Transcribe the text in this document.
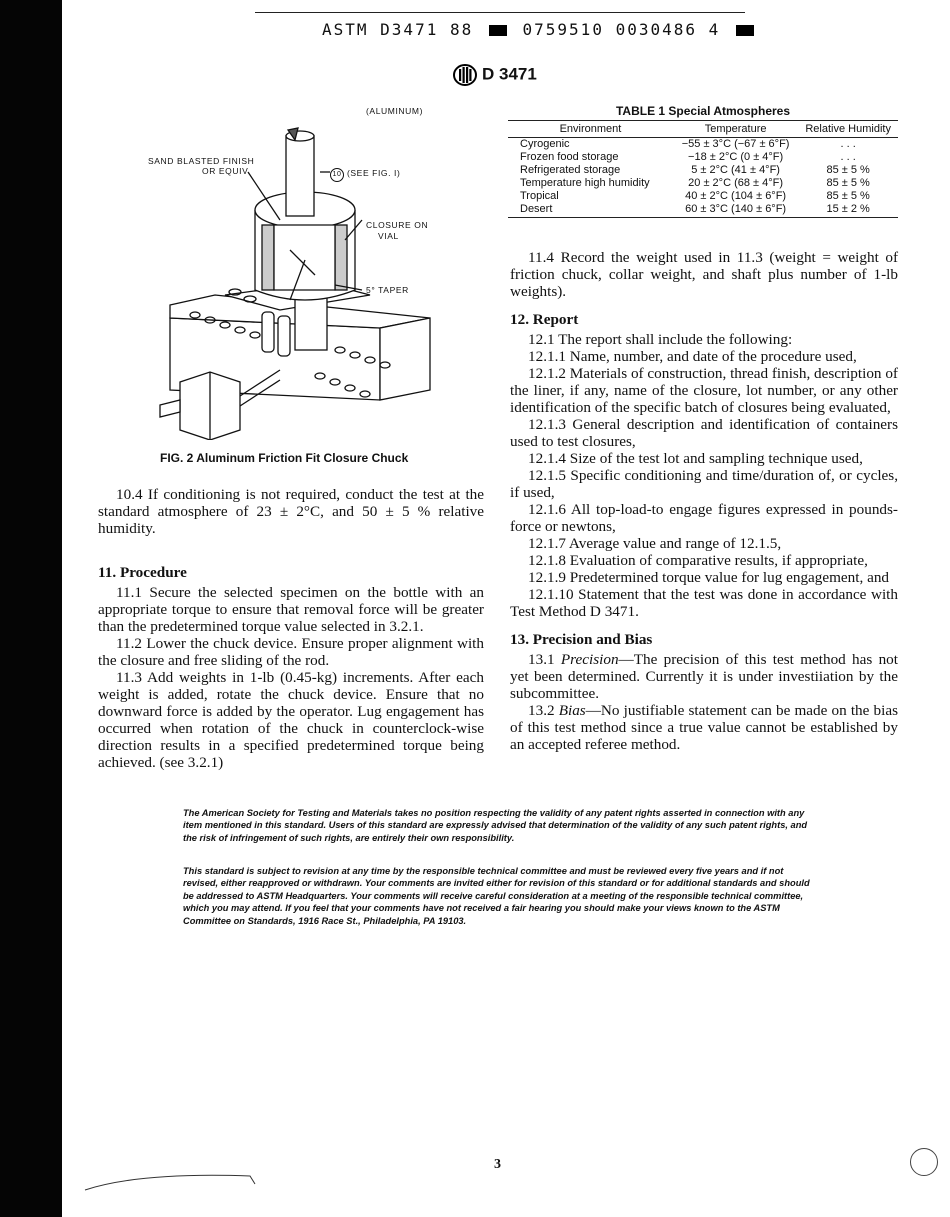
ASTM D3471 88	0759510 0030486 4
D 3471
(ALUMINUM)
SAND BLASTED FINISH
OR EQUIV.	10 (SEE FIG. I)
CLOSURE ON
VIAL
5° TAPER
FIG. 2 Aluminum Friction Fit Closure Chuck
TABLE 1 Special Atmospheres
Environment	Temperature	Relative Humidity
Cyrogenic	−55 ± 3°C (−67 ± 6°F)	. . .
Frozen food storage	−18 ± 2°C (0 ± 4°F)	. . .
Refrigerated storage	5 ± 2°C (41 ± 4°F)	85 ± 5 %
Temperature high humidity	20 ± 2°C (68 ± 4°F)	85 ± 5 %
Tropical	40 ± 2°C (104 ± 6°F)	85 ± 5 %
Desert	60 ± 3°C (140 ± 6°F)	15 ± 2 %

10.4 If conditioning is not required, conduct the test at the standard atmosphere of 23 ± 2°C, and 50 ± 5 % relative humidity.

11. Procedure

11.1 Secure the selected specimen on the bottle with an appropriate torque to ensure that removal force will be greater than the predetermined torque value selected in 3.2.1.

11.2 Lower the chuck device. Ensure proper alignment with the closure and free sliding of the rod.

11.3 Add weights in 1-lb (0.45-kg) increments. After each weight is added, rotate the chuck device. Ensure that no downward force is added by the operator. Lug engagement has occurred when rotation of the chuck in counterclock-wise direction results in a specified predetermined torque being achieved. (see 3.2.1)

11.4 Record the weight used in 11.3 (weight = weight of friction chuck, collar weight, and shaft plus number of 1-lb weights).

12. Report

12.1 The report shall include the following:

12.1.1 Name, number, and date of the procedure used,

12.1.2 Materials of construction, thread finish, description of the liner, if any, name of the closure, lot number, or any other identification of the specific batch of closures being evaluated,

12.1.3 General description and identification of containers used to test closures,

12.1.4 Size of the test lot and sampling technique used,

12.1.5 Specific conditioning and time/duration of, or cycles, if used,

12.1.6 All top-load-to engage figures expressed in pounds-force or newtons,

12.1.7 Average value and range of 12.1.5,

12.1.8 Evaluation of comparative results, if appropriate,

12.1.9 Predetermined torque value for lug engagement, and

12.1.10 Statement that the test was done in accordance with Test Method D 3471.

13. Precision and Bias

13.1 Precision—The precision of this test method has not yet been determined. Currently it is under investiiation by the subcommittee.

13.2 Bias—No justifiable statement can be made on the bias of this test method since a true value cannot be established by an accepted referee method.

The American Society for Testing and Materials takes no position respecting the validity of any patent rights asserted in connection with any item mentioned in this standard. Users of this standard are expressly advised that determination of the validity of any such patent rights, and the risk of infringement of such rights, are entirely their own responsibility.
This standard is subject to revision at any time by the responsible technical committee and must be reviewed every five years and if not revised, either reapproved or withdrawn. Your comments are invited either for revision of this standard or for additional standards and should be addressed to ASTM Headquarters. Your comments will receive careful consideration at a meeting of the responsible technical committee, which you may attend. If you feel that your comments have not received a fair hearing you should make your views known to the ASTM Committee on Standards, 1916 Race St., Philadelphia, PA 19103.
3
